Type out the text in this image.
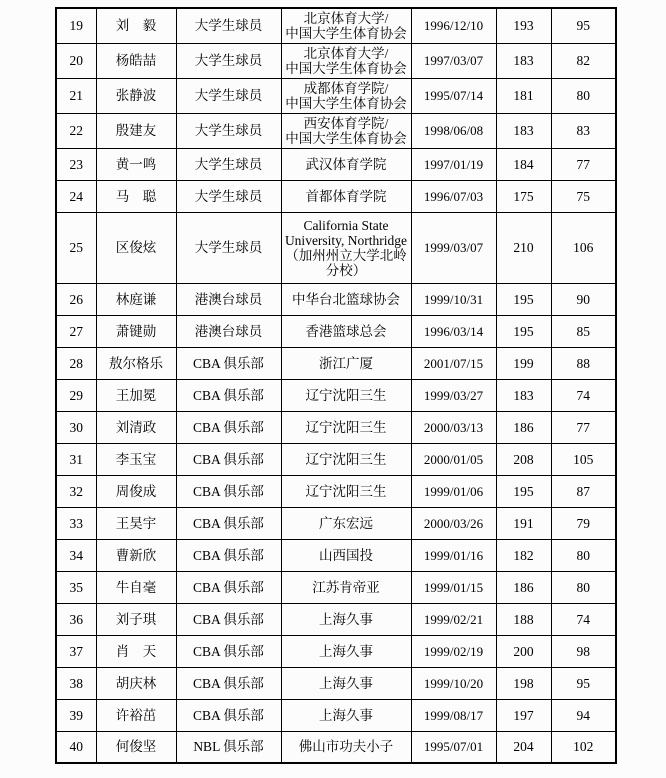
19	刘　毅	大学生球员	北京体育大学/
中国大学生体育协会	1996/12/10	193	95
20	杨皓喆	大学生球员	北京体育大学/
中国大学生体育协会	1997/03/07	183	82
21	张静波	大学生球员	成都体育学院/
中国大学生体育协会	1995/07/14	181	80
22	殷建友	大学生球员	西安体育学院/
中国大学生体育协会	1998/06/08	183	83
23	黄一鸣	大学生球员	武汉体育学院	1997/01/19	184	77
24	马　聪	大学生球员	首都体育学院	1996/07/03	175	75
25	区俊炫	大学生球员	California State
University, Northridge
（加州州立大学北岭
分校）	1999/03/07	210	106
26	林庭谦	港澳台球员	中华台北篮球协会	1999/10/31	195	90
27	萧键勋	港澳台球员	香港篮球总会	1996/03/14	195	85
28	敖尔格乐	CBA 俱乐部	浙江广厦	2001/07/15	199	88
29	王加冕	CBA 俱乐部	辽宁沈阳三生	1999/03/27	183	74
30	刘清政	CBA 俱乐部	辽宁沈阳三生	2000/03/13	186	77
31	李玉宝	CBA 俱乐部	辽宁沈阳三生	2000/01/05	208	105
32	周俊成	CBA 俱乐部	辽宁沈阳三生	1999/01/06	195	87
33	王昊宇	CBA 俱乐部	广东宏远	2000/03/26	191	79
34	曹新欣	CBA 俱乐部	山西国投	1999/01/16	182	80
35	牛自毫	CBA 俱乐部	江苏肯帝亚	1999/01/15	186	80
36	刘子琪	CBA 俱乐部	上海久事	1999/02/21	188	74
37	肖　天	CBA 俱乐部	上海久事	1999/02/19	200	98
38	胡庆林	CBA 俱乐部	上海久事	1999/10/20	198	95
39	许裕茁	CBA 俱乐部	上海久事	1999/08/17	197	94
40	何俊坚	NBL 俱乐部	佛山市功夫小子	1995/07/01	204	102
